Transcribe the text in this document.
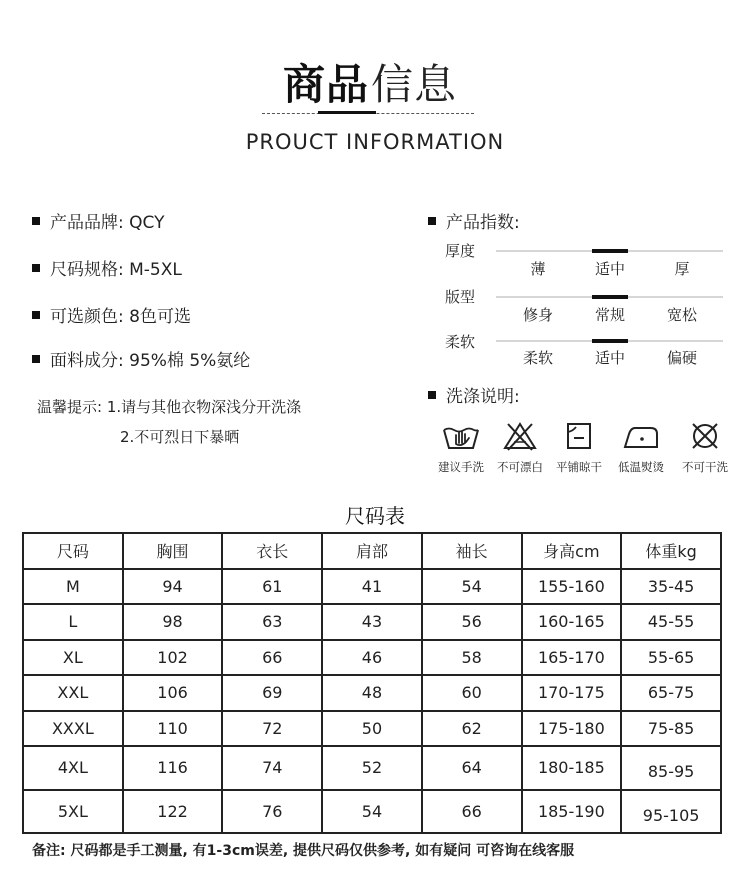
商品 信息
PROUCT INFORMATION
产品品牌: QCY
尺码规格: M-5XL
可选颜色: 8色可选
面料成分: 95%棉 5%氨纶
温馨提示: 1.请与其他衣物深浅分开洗涤
2.不可烈日下暴晒
产品指数:
厚度
薄	适中	厚
版型
修身	常规	宽松
柔软
柔软	适中	偏硬
洗涤说明:
建议手洗	不可漂白	平铺晾干	低温熨烫	不可干洗
尺码表
尺码	胸围	衣长	肩部	袖长	身高cm	体重kg
M	94	61	41	54	155-160	35-45
L	98	63	43	56	160-165	45-55
XL	102	66	46	58	165-170	55-65
XXL	106	69	48	60	170-175	65-75
XXXL	110	72	50	62	175-180	75-85
4XL	116	74	52	64	180-185	85-95
5XL	122	76	54	66	185-190	95-105
备注: 尺码都是手工测量, 有1-3cm误差, 提供尺码仅供参考, 如有疑问 可咨询在线客服
